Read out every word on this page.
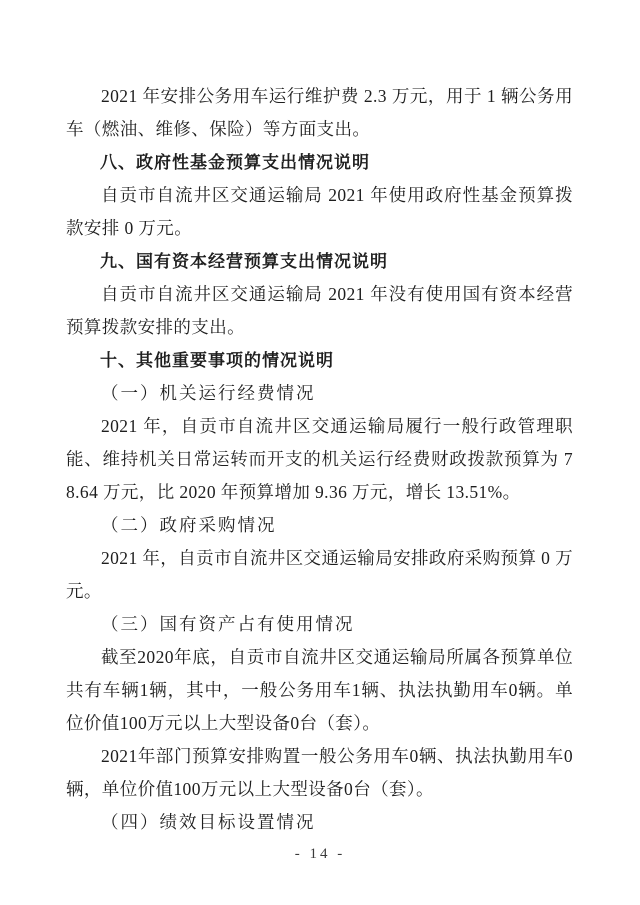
2021 年安排公务用车运行维护费 2.3 万元，用于 1 辆公务用车（燃油、维修、保险）等方面支出。

八、政府性基金预算支出情况说明

自贡市自流井区交通运输局 2021 年使用政府性基金预算拨款安排 0 万元。

九、国有资本经营预算支出情况说明

自贡市自流井区交通运输局 2021 年没有使用国有资本经营预算拨款安排的支出。

十、其他重要事项的情况说明

（一）机关运行经费情况

2021 年，自贡市自流井区交通运输局履行一般行政管理职能、维持机关日常运转而开支的机关运行经费财政拨款预算为 78.64 万元，比 2020 年预算增加 9.36 万元，增长 13.51%。

（二）政府采购情况

2021 年，自贡市自流井区交通运输局安排政府采购预算 0 万元。

（三）国有资产占有使用情况

截至2020年底，自贡市自流井区交通运输局所属各预算单位共有车辆1辆，其中，一般公务用车1辆、执法执勤用车0辆。单位价值100万元以上大型设备0台（套）。

2021年部门预算安排购置一般公务用车0辆、执法执勤用车0辆，单位价值100万元以上大型设备0台（套）。

（四）绩效目标设置情况

- 14 -
